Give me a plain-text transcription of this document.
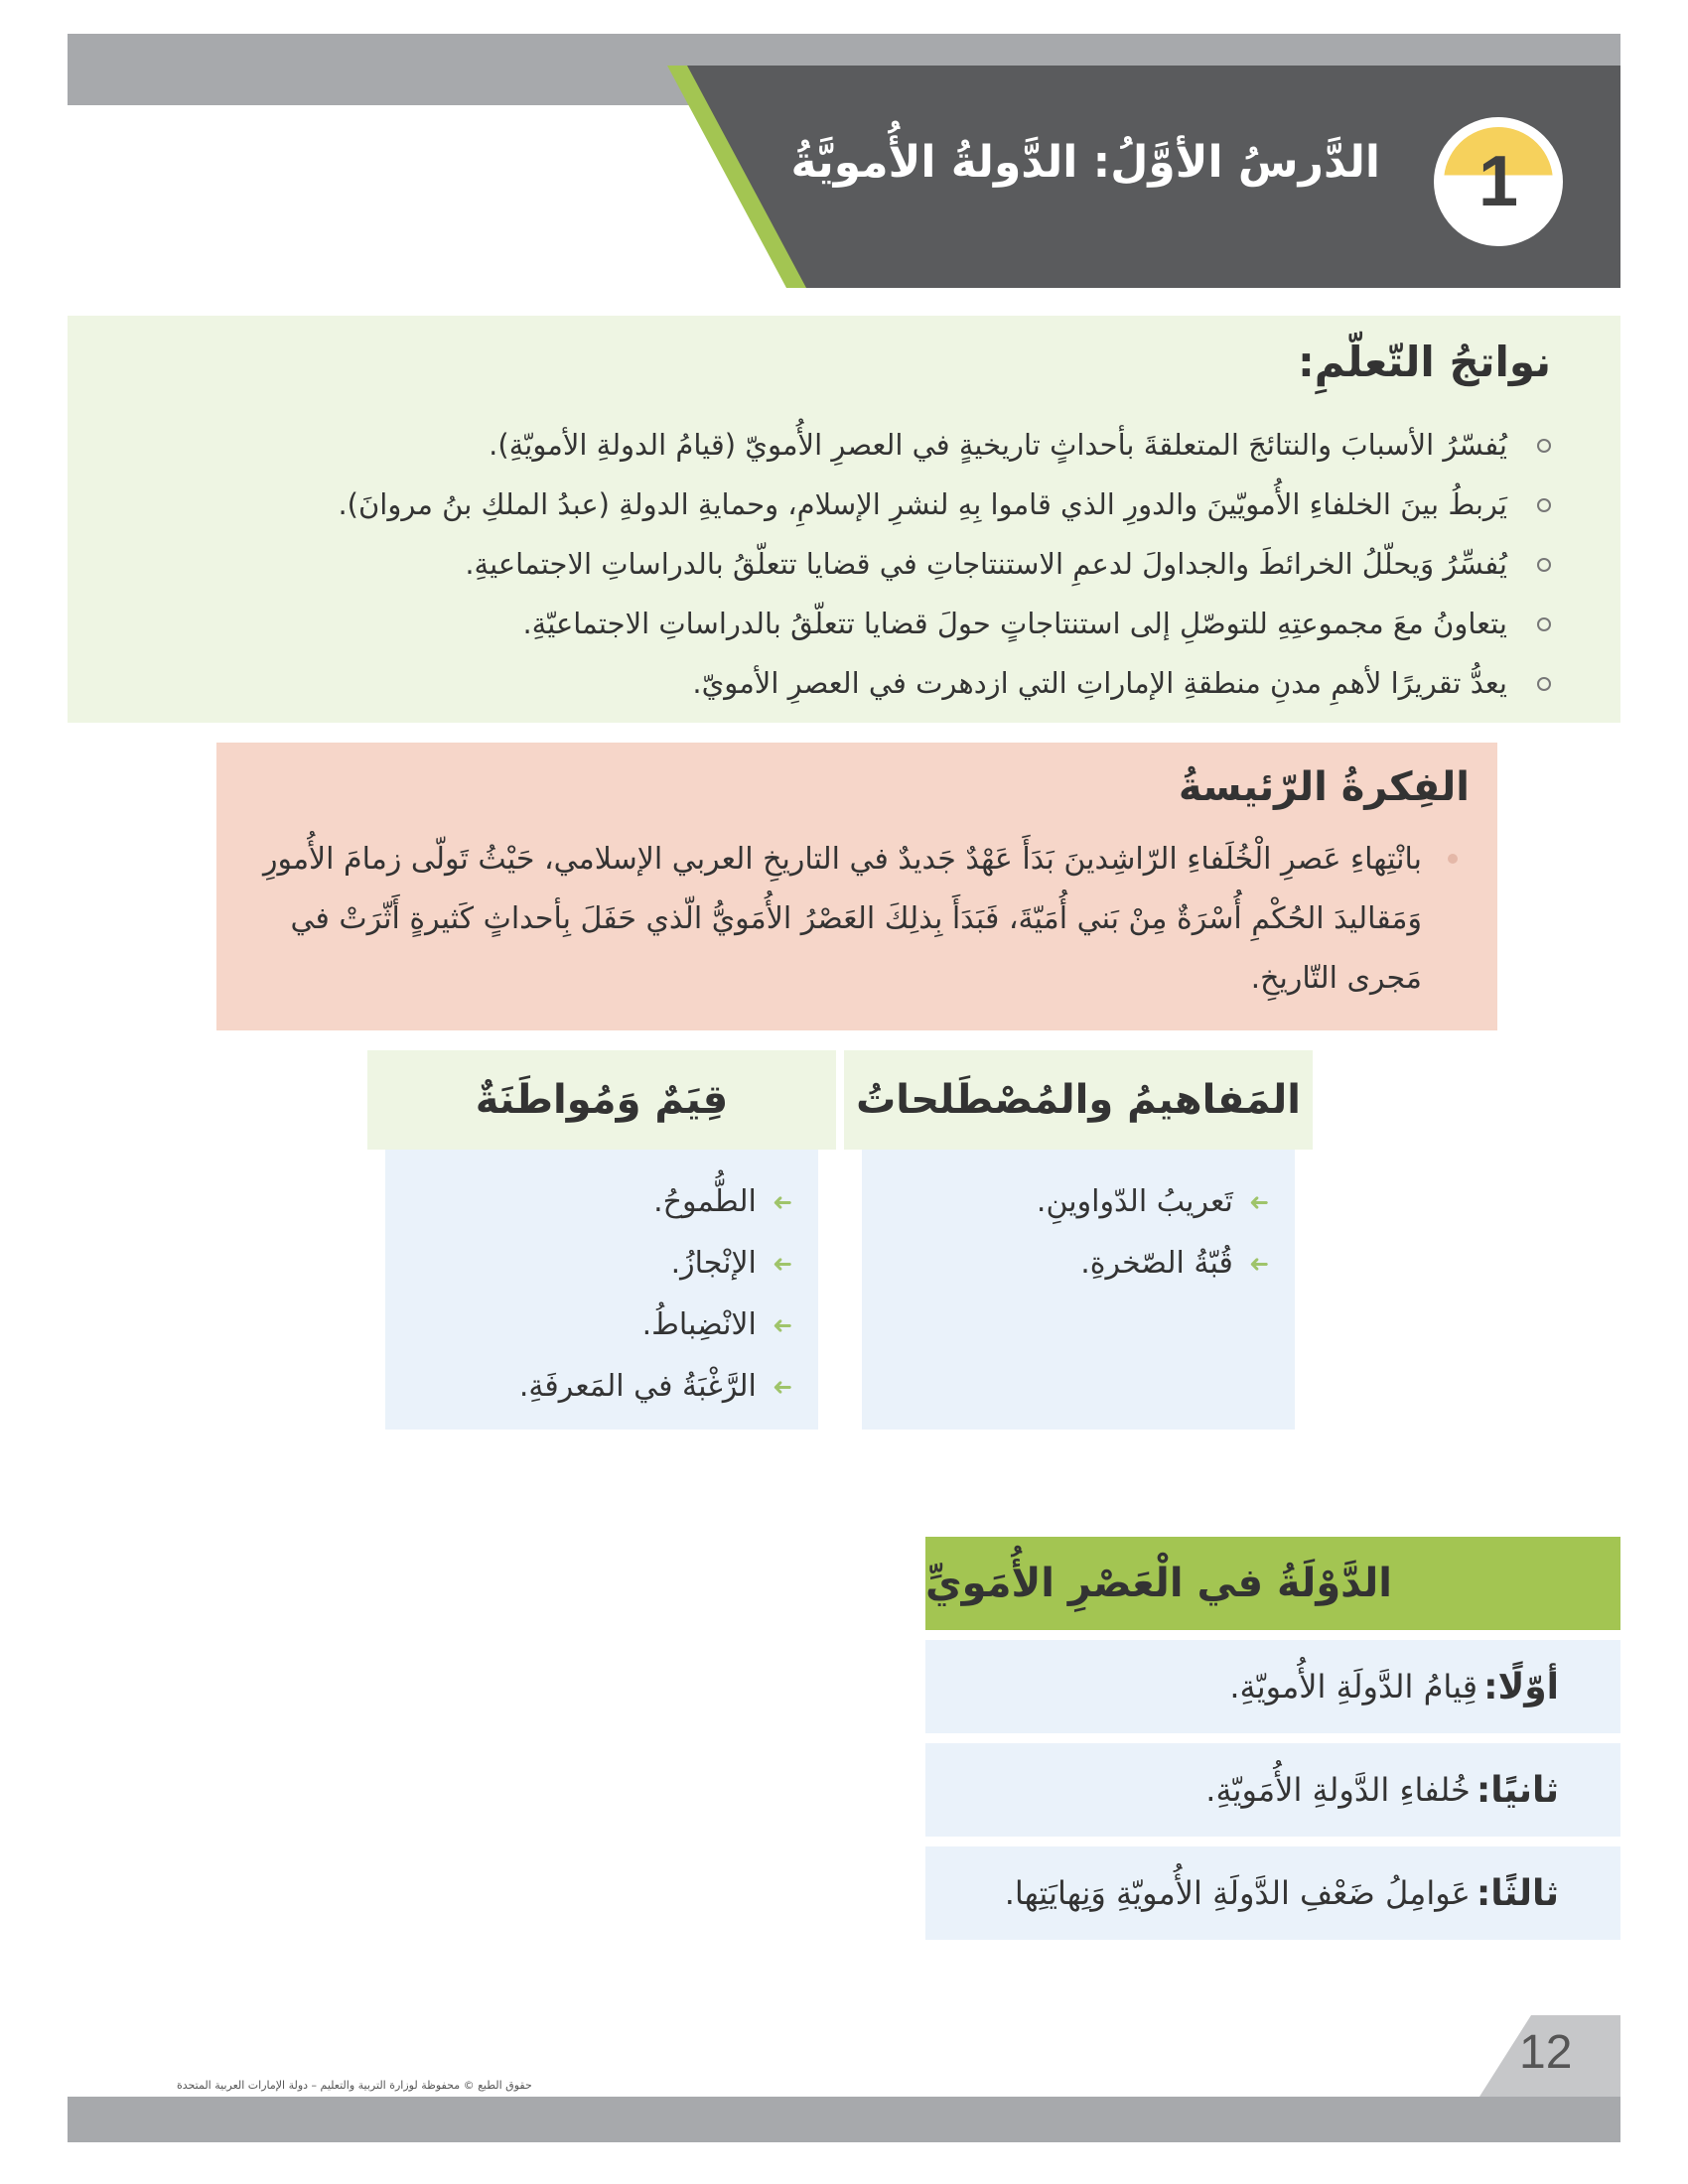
الدَّرسُ الأوَّلُ: الدَّولةُ الأُمويَّةُ	1
نواتجُ التّعلّمِ:
يُفسّرُ الأسبابَ والنتائجَ المتعلقةَ بأحداثٍ تاريخيةٍ في العصرِ الأُمويّ (قيامُ الدولةِ الأمويّةِ).
يَربطُ بينَ الخلفاءِ الأُمويّينَ والدورِ الذي قاموا بِهِ لنشرِ الإسلامِ، وحمايةِ الدولةِ (عبدُ الملكِ بنُ مروانَ).
يُفسِّرُ وَيحلّلُ الخرائطَ والجداولَ لدعمِ الاستنتاجاتِ في قضايا تتعلّقُ بالدراساتِ الاجتماعيةِ.
يتعاونُ معَ مجموعتِهِ للتوصّلِ إلى استنتاجاتٍ حولَ قضايا تتعلّقُ بالدراساتِ الاجتماعيّةِ.
يعدُّ تقريرًا لأهمِ مدنِ منطقةِ الإماراتِ التي ازدهرت في العصرِ الأمويّ.
الفِكرةُ الرّئيسةُ

بانْتِهاءِ عَصرِ الْخُلَفاءِ الرّاشِدينَ بَدَأَ عَهْدٌ جَديدٌ في التاريخِ العربي الإسلامي، حَيْثُ تَولّى زمامَ الأُمورِ وَمَقاليدَ الحُكْمِ أُسْرَةٌ مِنْ بَني أُمَيّةَ، فَبَدَأَ بِذلِكَ العَصْرُ الأُمَويُّ الّذي حَفَلَ بِأحداثٍ كَثيرةٍ أَثّرَتْ في مَجرى التّاريخِ.

المَفاهيمُ والمُصْطَلحاتُ
➜
تَعريبُ الدّواوينِ.
➜
قُبّةُ الصّخرةِ.
قِيَمٌ وَمُواطَنَةٌ
➜
الطُّموحُ.
➜
الإنْجازُ.
➜
الانْضِباطُ.
➜
الرَّغْبَةُ في المَعرفَةِ.
الدَّوْلَةُ في الْعَصْرِ الأُمَويِّ
أوّلًا:
قِيامُ الدَّولَةِ الأُمويّةِ.
ثانيًا:
خُلفاءِ الدَّولةِ الأُمَويّةِ.
ثالثًا:
عَوامِلُ ضَعْفِ الدَّولَةِ الأُمويّةِ وَنِهايَتِها.
12
حقوق الطبع © محفوظة لوزارة التربية والتعليم – دولة الإمارات العربية المتحدة
